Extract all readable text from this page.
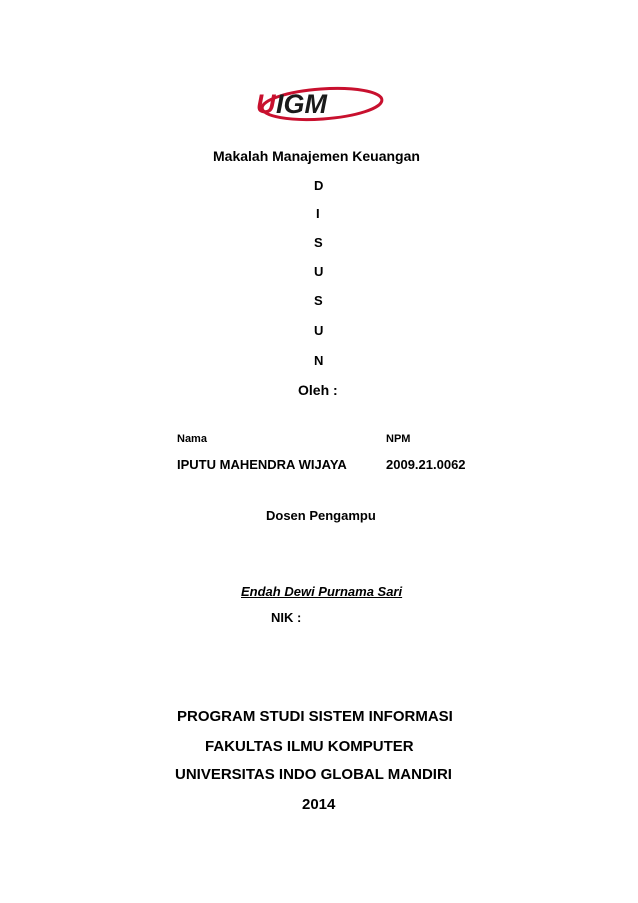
U IGM
Makalah Manajemen Keuangan
D
I
S
U
S
U
N
Oleh :
Nama	NPM
IPUTU MAHENDRA WIJAYA	2009.21.0062
Dosen Pengampu
Endah Dewi Purnama Sari
NIK :
PROGRAM STUDI SISTEM INFORMASI
FAKULTAS ILMU KOMPUTER
UNIVERSITAS INDO GLOBAL MANDIRI
2014
